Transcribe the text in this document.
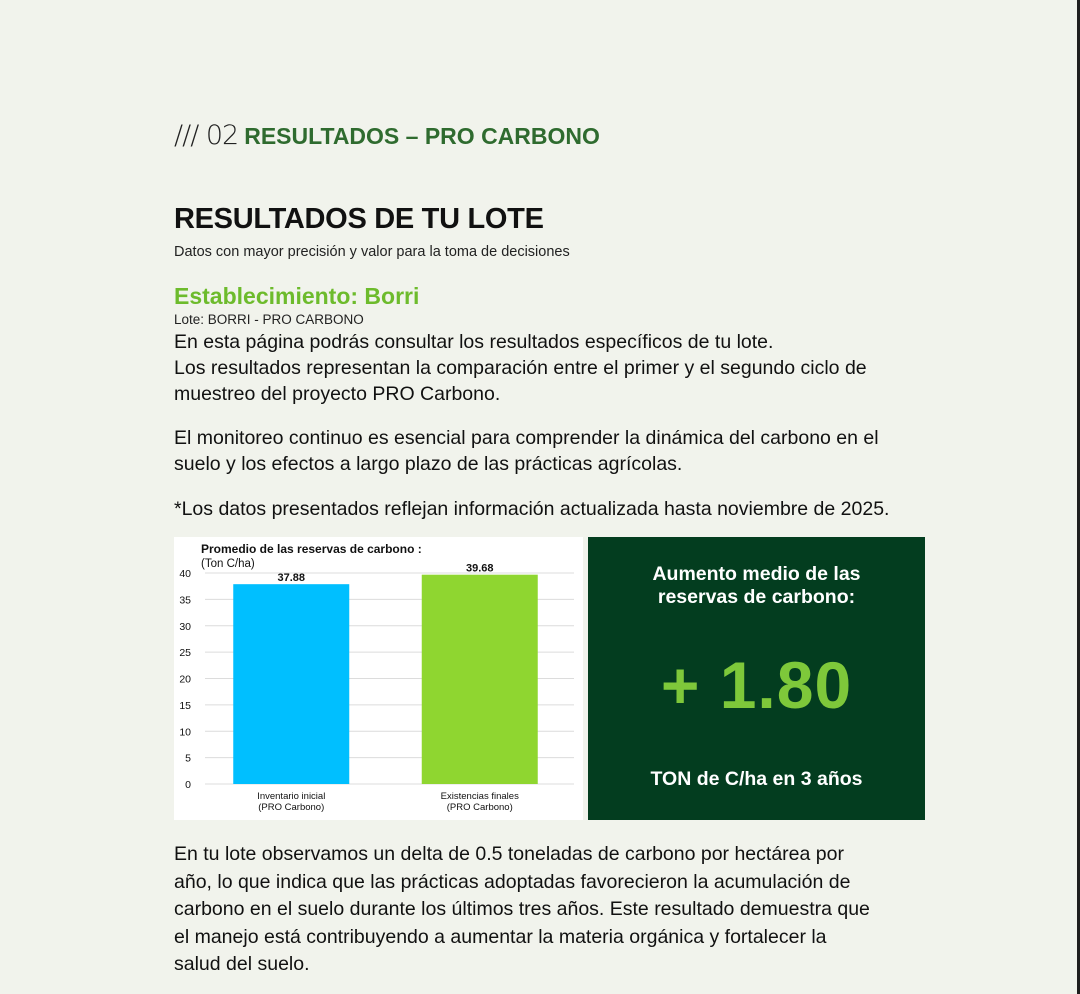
/// 02 RESULTADOS – PRO CARBONO
RESULTADOS DE TU LOTE
Datos con mayor precisión y valor para la toma de decisiones
Establecimiento: Borri
Lote: BORRI - PRO CARBONO
En esta página podrás consultar los resultados específicos de tu lote.
Los resultados representan la comparación entre el primer y el segundo ciclo de
muestreo del proyecto PRO Carbono.
El monitoreo continuo es esencial para comprender la dinámica del carbono en el
suelo y los efectos a largo plazo de las prácticas agrícolas.
*Los datos presentados reflejan información actualizada hasta noviembre de 2025.
En tu lote observamos un delta de 0.5 toneladas de carbono por hectárea por
año, lo que indica que las prácticas adoptadas favorecieron la acumulación de
carbono en el suelo durante los últimos tres años. Este resultado demuestra que
el manejo está contribuyendo a aumentar la materia orgánica y fortalecer la
salud del suelo.
Promedio de las reservas de carbono :
(Ton C/ha)
0
5
10
15
20
25
30
35
40	37.88
39.68
Inventario inicial
(PRO Carbono)
Existencias finales
(PRO Carbono)
Aumento medio de las
reservas de carbono:
+ 1.80
TON de C/ha en 3 años
